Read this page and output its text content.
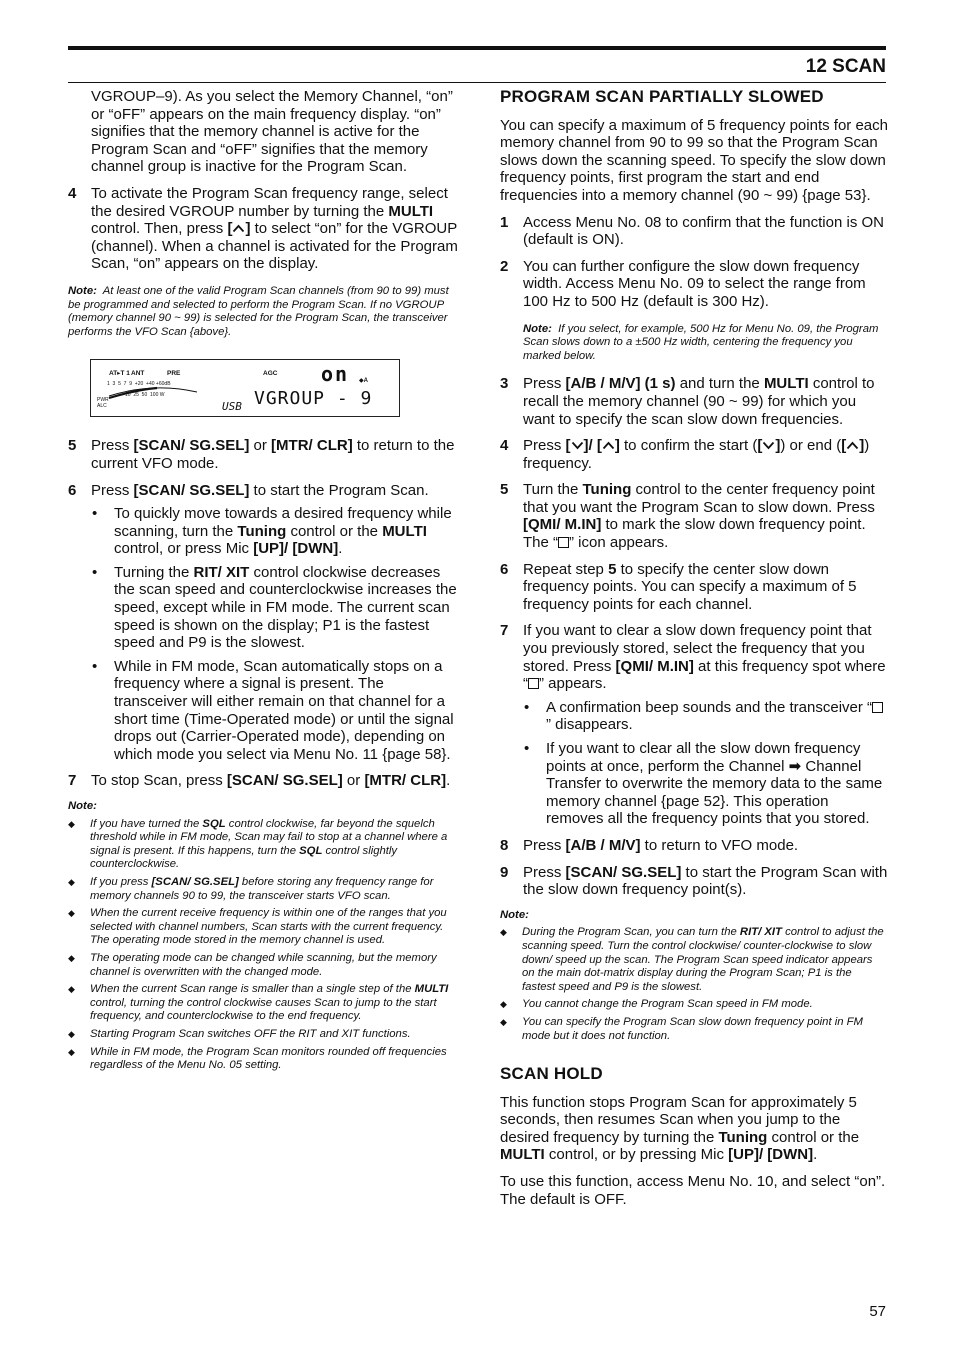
12 SCAN

VGROUP–9). As you select the Memory Channel, “on” or “oFF” appears on the main frequency display. “on” signifies that the memory channel is active for the Program Scan and “oFF” signifies that the memory channel group is inactive for the Program Scan.

4 To activate the Program Scan frequency range, select the desired VGROUP number by turning the MULTI control. Then, press [ ] to select “on” for the VGROUP (channel). When a channel is activated for the Program Scan, “on” appears on the display.
Note: At least one of the valid Program Scan channels (from 90 to 99) must be programmed and selected to perform the Program Scan. If no VGROUP (memory channel 90 ~ 99) is selected for the Program Scan, the transceiver performs the VFO Scan {above}.
AT▸T 1 ANT	PRE	AGC
1  3  5  7  9  +20  +40 +60dB
10  25  50  100 W
PWR
ALC
on ◆A
USB VGROUP - 9
5 Press [SCAN/ SG.SEL] or [MTR/ CLR] to return to the current VFO mode.
6 Press [SCAN/ SG.SEL] to start the Program Scan.
•	To quickly move towards a desired frequency while scanning, turn the Tuning control or the MULTI control, or press Mic [UP]/ [DWN].
•	Turning the RIT/ XIT control clockwise decreases the scan speed and counterclockwise increases the speed, except while in FM mode. The current scan speed is shown on the display; P1 is the fastest speed and P9 is the slowest.
•	While in FM mode, Scan automatically stops on a frequency where a signal is present. The transceiver will either remain on that channel for a short time (Time-Operated mode) or until the signal drops out (Carrier-Operated mode), depending on which mode you select via Menu No. 11 {page 58}.
7 To stop Scan, press [SCAN/ SG.SEL] or [MTR/ CLR].
Note:
◆	If you have turned the SQL control clockwise, far beyond the squelch threshold while in FM mode, Scan may fail to stop at a channel where a signal is present. If this happens, turn the SQL control slightly counterclockwise.
◆	If you press [SCAN/ SG.SEL] before storing any frequency range for memory channels 90 to 99, the transceiver starts VFO scan.
◆	When the current receive frequency is within one of the ranges that you selected with channel numbers, Scan starts with the current frequency. The operating mode stored in the memory channel is used.
◆	The operating mode can be changed while scanning, but the memory channel is overwritten with the changed mode.
◆	When the current Scan range is smaller than a single step of the MULTI control, turning the control clockwise causes Scan to jump to the start frequency, and counterclockwise to the end frequency.
◆	Starting Program Scan switches OFF the RIT and XIT functions.
◆	While in FM mode, the Program Scan monitors rounded off frequencies regardless of the Menu No. 05 setting.
PROGRAM SCAN PARTIALLY SLOWED

You can specify a maximum of 5 frequency points for each memory channel from 90 to 99 so that the Program Scan slows down the scanning speed. To specify the slow down frequency points, first program the start and end frequencies into a memory channel (90 ~ 99) {page 53}.

1 Access Menu No. 08 to confirm that the function is ON (default is ON).
2 You can further configure the slow down frequency width. Access Menu No. 09 to select the range from 100 Hz to 500 Hz (default is 300 Hz).
Note: If you select, for example, 500 Hz for Menu No. 09, the Program Scan slows down to a ±500 Hz width, centering the frequency you marked below.
3 Press [A/B / M/V] (1 s) and turn the MULTI control to recall the memory channel (90 ~ 99) for which you want to specify the scan slow down frequencies.
4 Press [ ]/ [ ] to confirm the start ([ ]) or end ([ ]) frequency.
5 Turn the Tuning control to the center frequency point that you want the Program Scan to slow down. Press [QMI/ M.IN] to mark the slow down frequency point. The “ ” icon appears.
6 Repeat step 5 to specify the center slow down frequency points. You can specify a maximum of 5 frequency points for each channel.
7 If you want to clear a slow down frequency point that you previously stored, select the frequency that you stored. Press [QMI/ M.IN] at this frequency spot where “ ” appears.
•	A confirmation beep sounds and the transceiver “” disappears.
•	If you want to clear all the slow down frequency points at once, perform the Channel ➡ Channel Transfer to overwrite the memory data to the same memory channel {page 52}. This operation removes all the frequency points that you stored.
8 Press [A/B / M/V] to return to VFO mode.
9 Press [SCAN/ SG.SEL] to start the Program Scan with the slow down frequency point(s).
Note:
◆	During the Program Scan, you can turn the RIT/ XIT control to adjust the scanning speed. Turn the control clockwise/ counter-clockwise to slow down/ speed up the scan. The Program Scan speed indicator appears on the main dot-matrix display during the Program Scan; P1 is the fastest speed and P9 is the slowest.
◆	You cannot change the Program Scan speed in FM mode.
◆	You can specify the Program Scan slow down frequency point in FM mode but it does not function.
SCAN HOLD

This function stops Program Scan for approximately 5 seconds, then resumes Scan when you jump to the desired frequency by turning the Tuning control or the MULTI control, or by pressing Mic [UP]/ [DWN].

To use this function, access Menu No. 10, and select “on”. The default is OFF.

57
